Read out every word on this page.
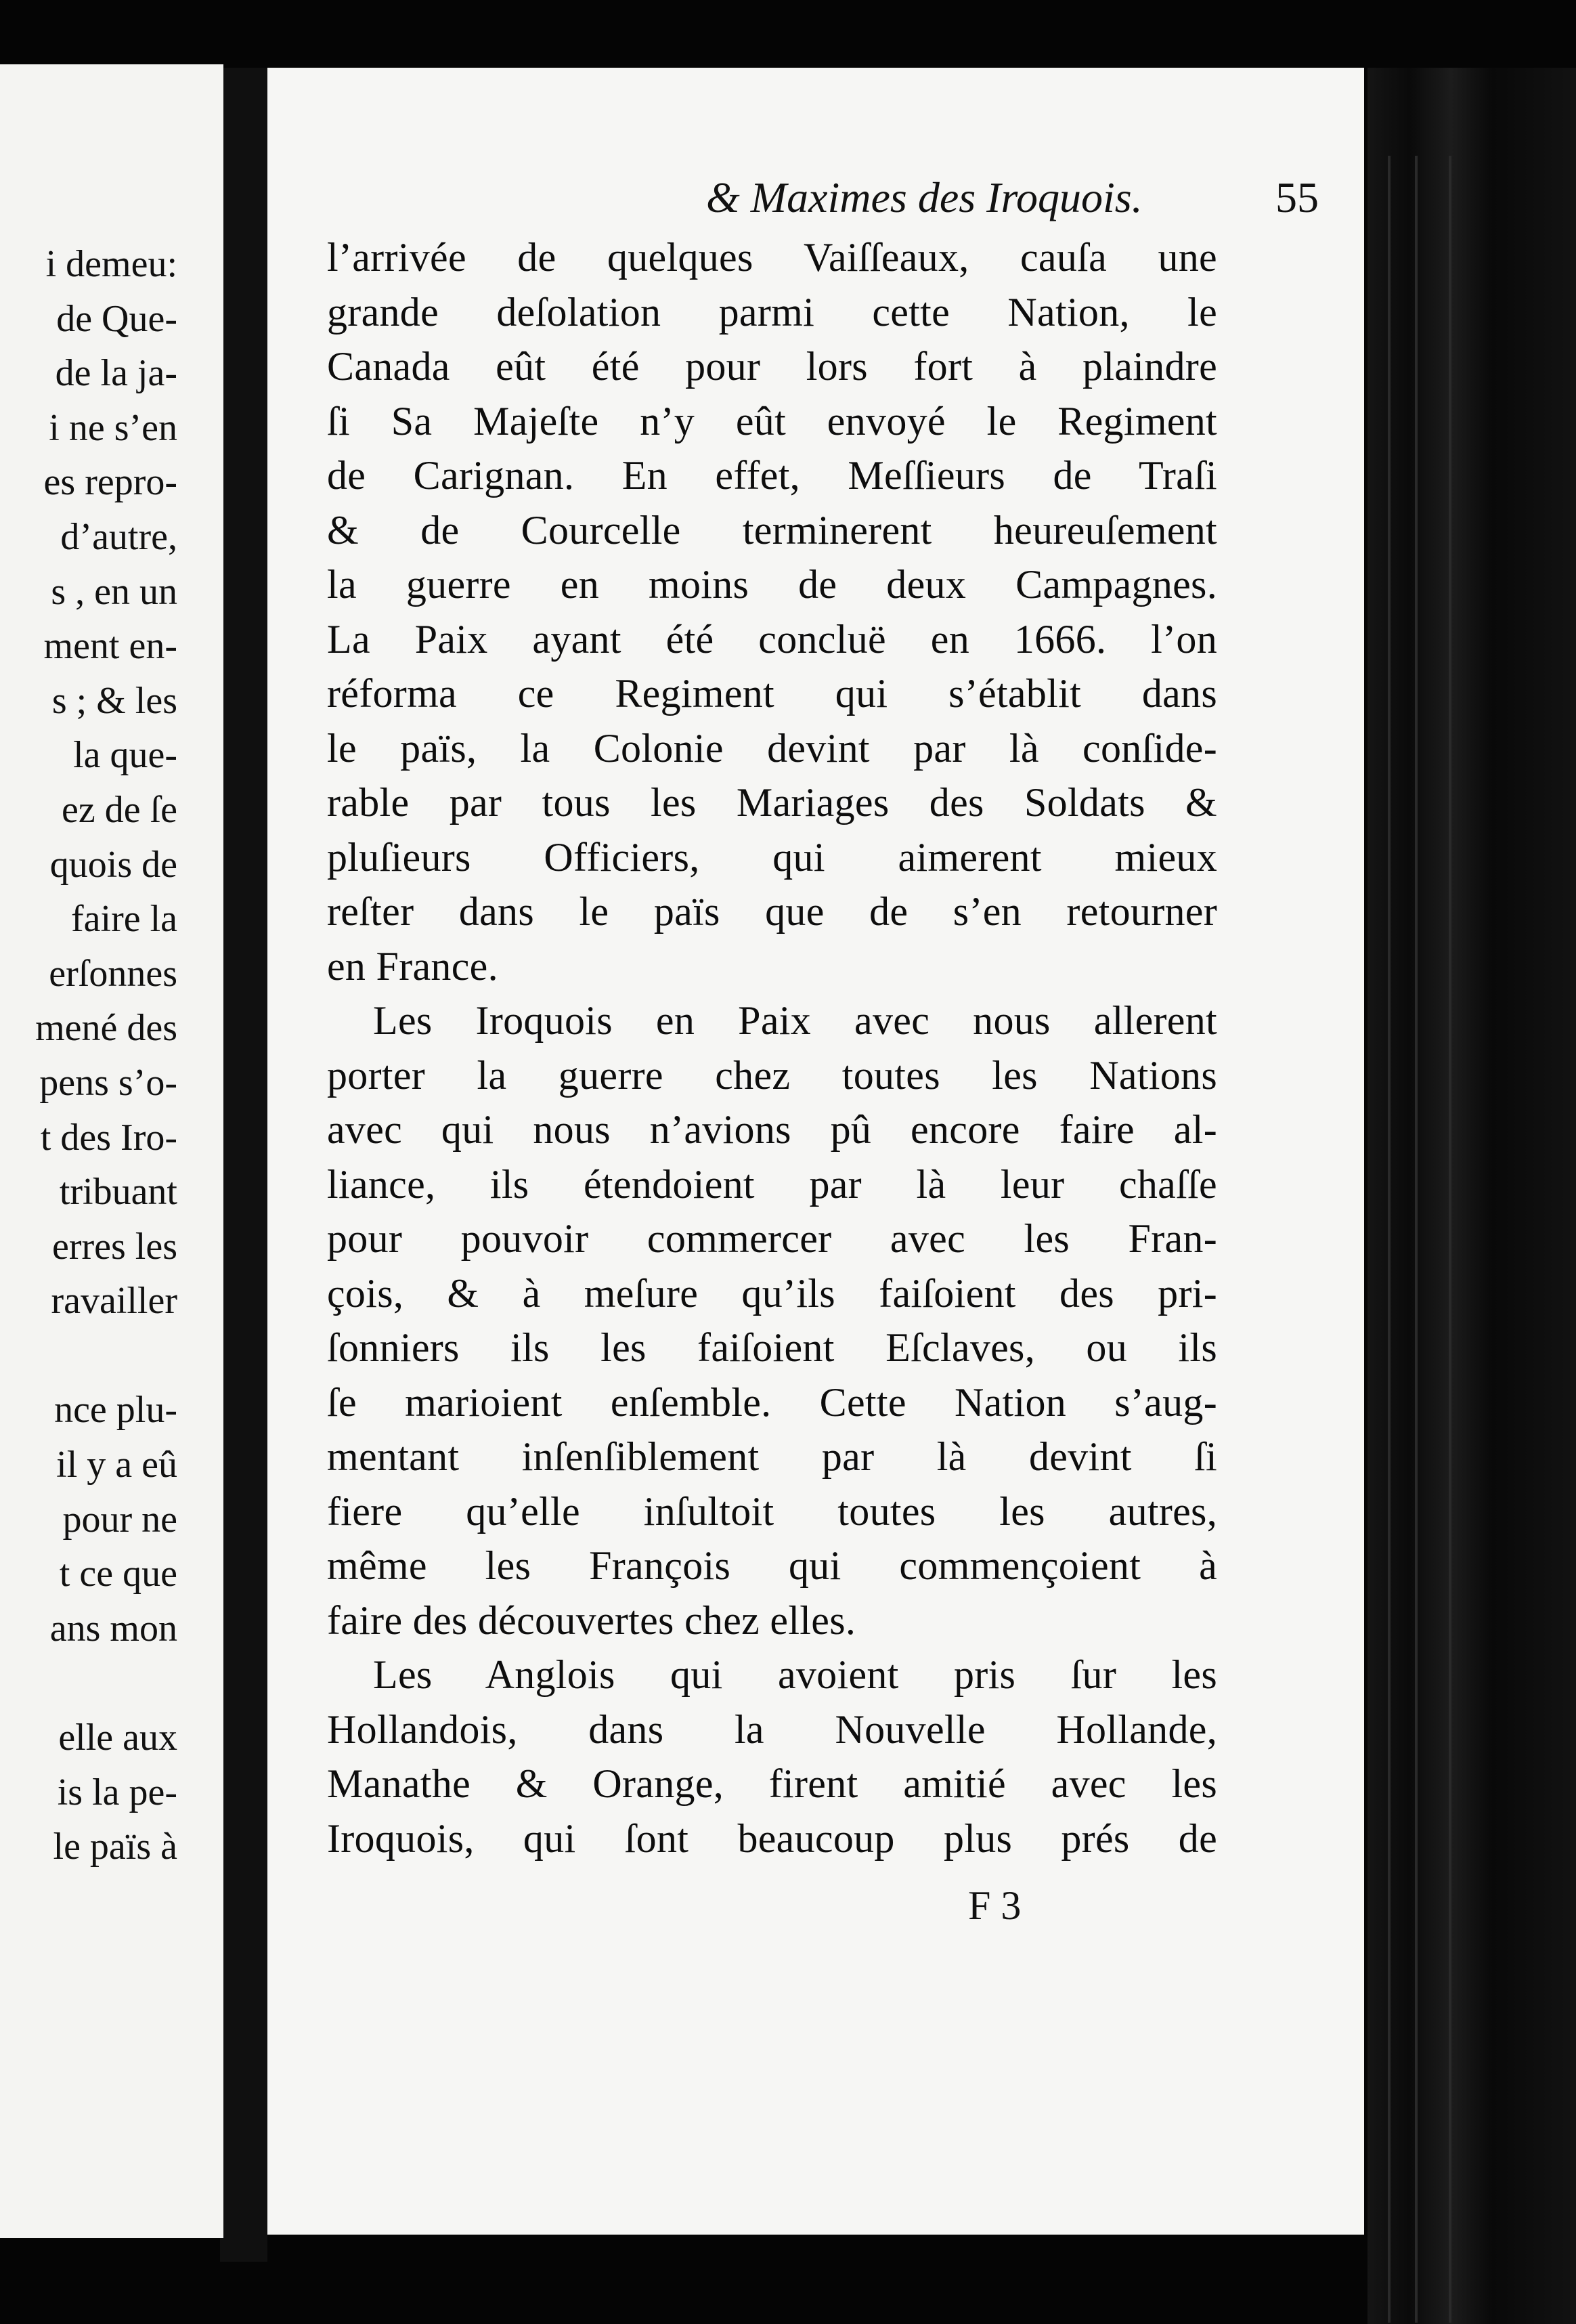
i demeu:
de Que-
de la ja-
i ne s’en
es repro-
d’autre,
s , en un
ment en-
s ; & les
la que-
ez de ſe
quois de
faire la
erſonnes
mené des
pens s’o-
t des Iro-
tribuant
erres les
ravailler
nce plu-
il y a eû
pour ne
t ce que
ans mon
elle aux
is la pe-
le païs à
& Maximes des Iroquois.	55
l’arrivée de quelques Vaiſſeaux, cauſa une
grande deſolation parmi cette Nation, le
Canada eût été pour lors fort à plaindre
ſi Sa Majeſte n’y eût envoyé le Regiment
de Carignan. En effet, Meſſieurs de Traſi
& de Courcelle terminerent heureuſement
la guerre en moins de deux Campagnes.
La Paix ayant été concluë en 1666. l’on
réforma ce Regiment qui s’établit dans
le païs, la Colonie devint par là conſide-
rable par tous les Mariages des Soldats &
pluſieurs Officiers, qui aimerent mieux
reſter dans le païs que de s’en retourner
en France.
Les Iroquois en Paix avec nous allerent
porter la guerre chez toutes les Nations
avec qui nous n’avions pû encore faire al-
liance, ils étendoient par là leur chaſſe
pour pouvoir commercer avec les Fran-
çois, & à meſure qu’ils faiſoient des pri-
ſonniers ils les faiſoient Eſclaves, ou ils
ſe marioient enſemble. Cette Nation s’aug-
mentant inſenſiblement par là devint ſi
fiere qu’elle inſultoit toutes les autres,
même les François qui commençoient à
faire des découvertes chez elles.
Les Anglois qui avoient pris ſur les
Hollandois, dans la Nouvelle Hollande,
Manathe & Orange, firent amitié avec les
Iroquois, qui ſont beaucoup plus prés de
F 3
